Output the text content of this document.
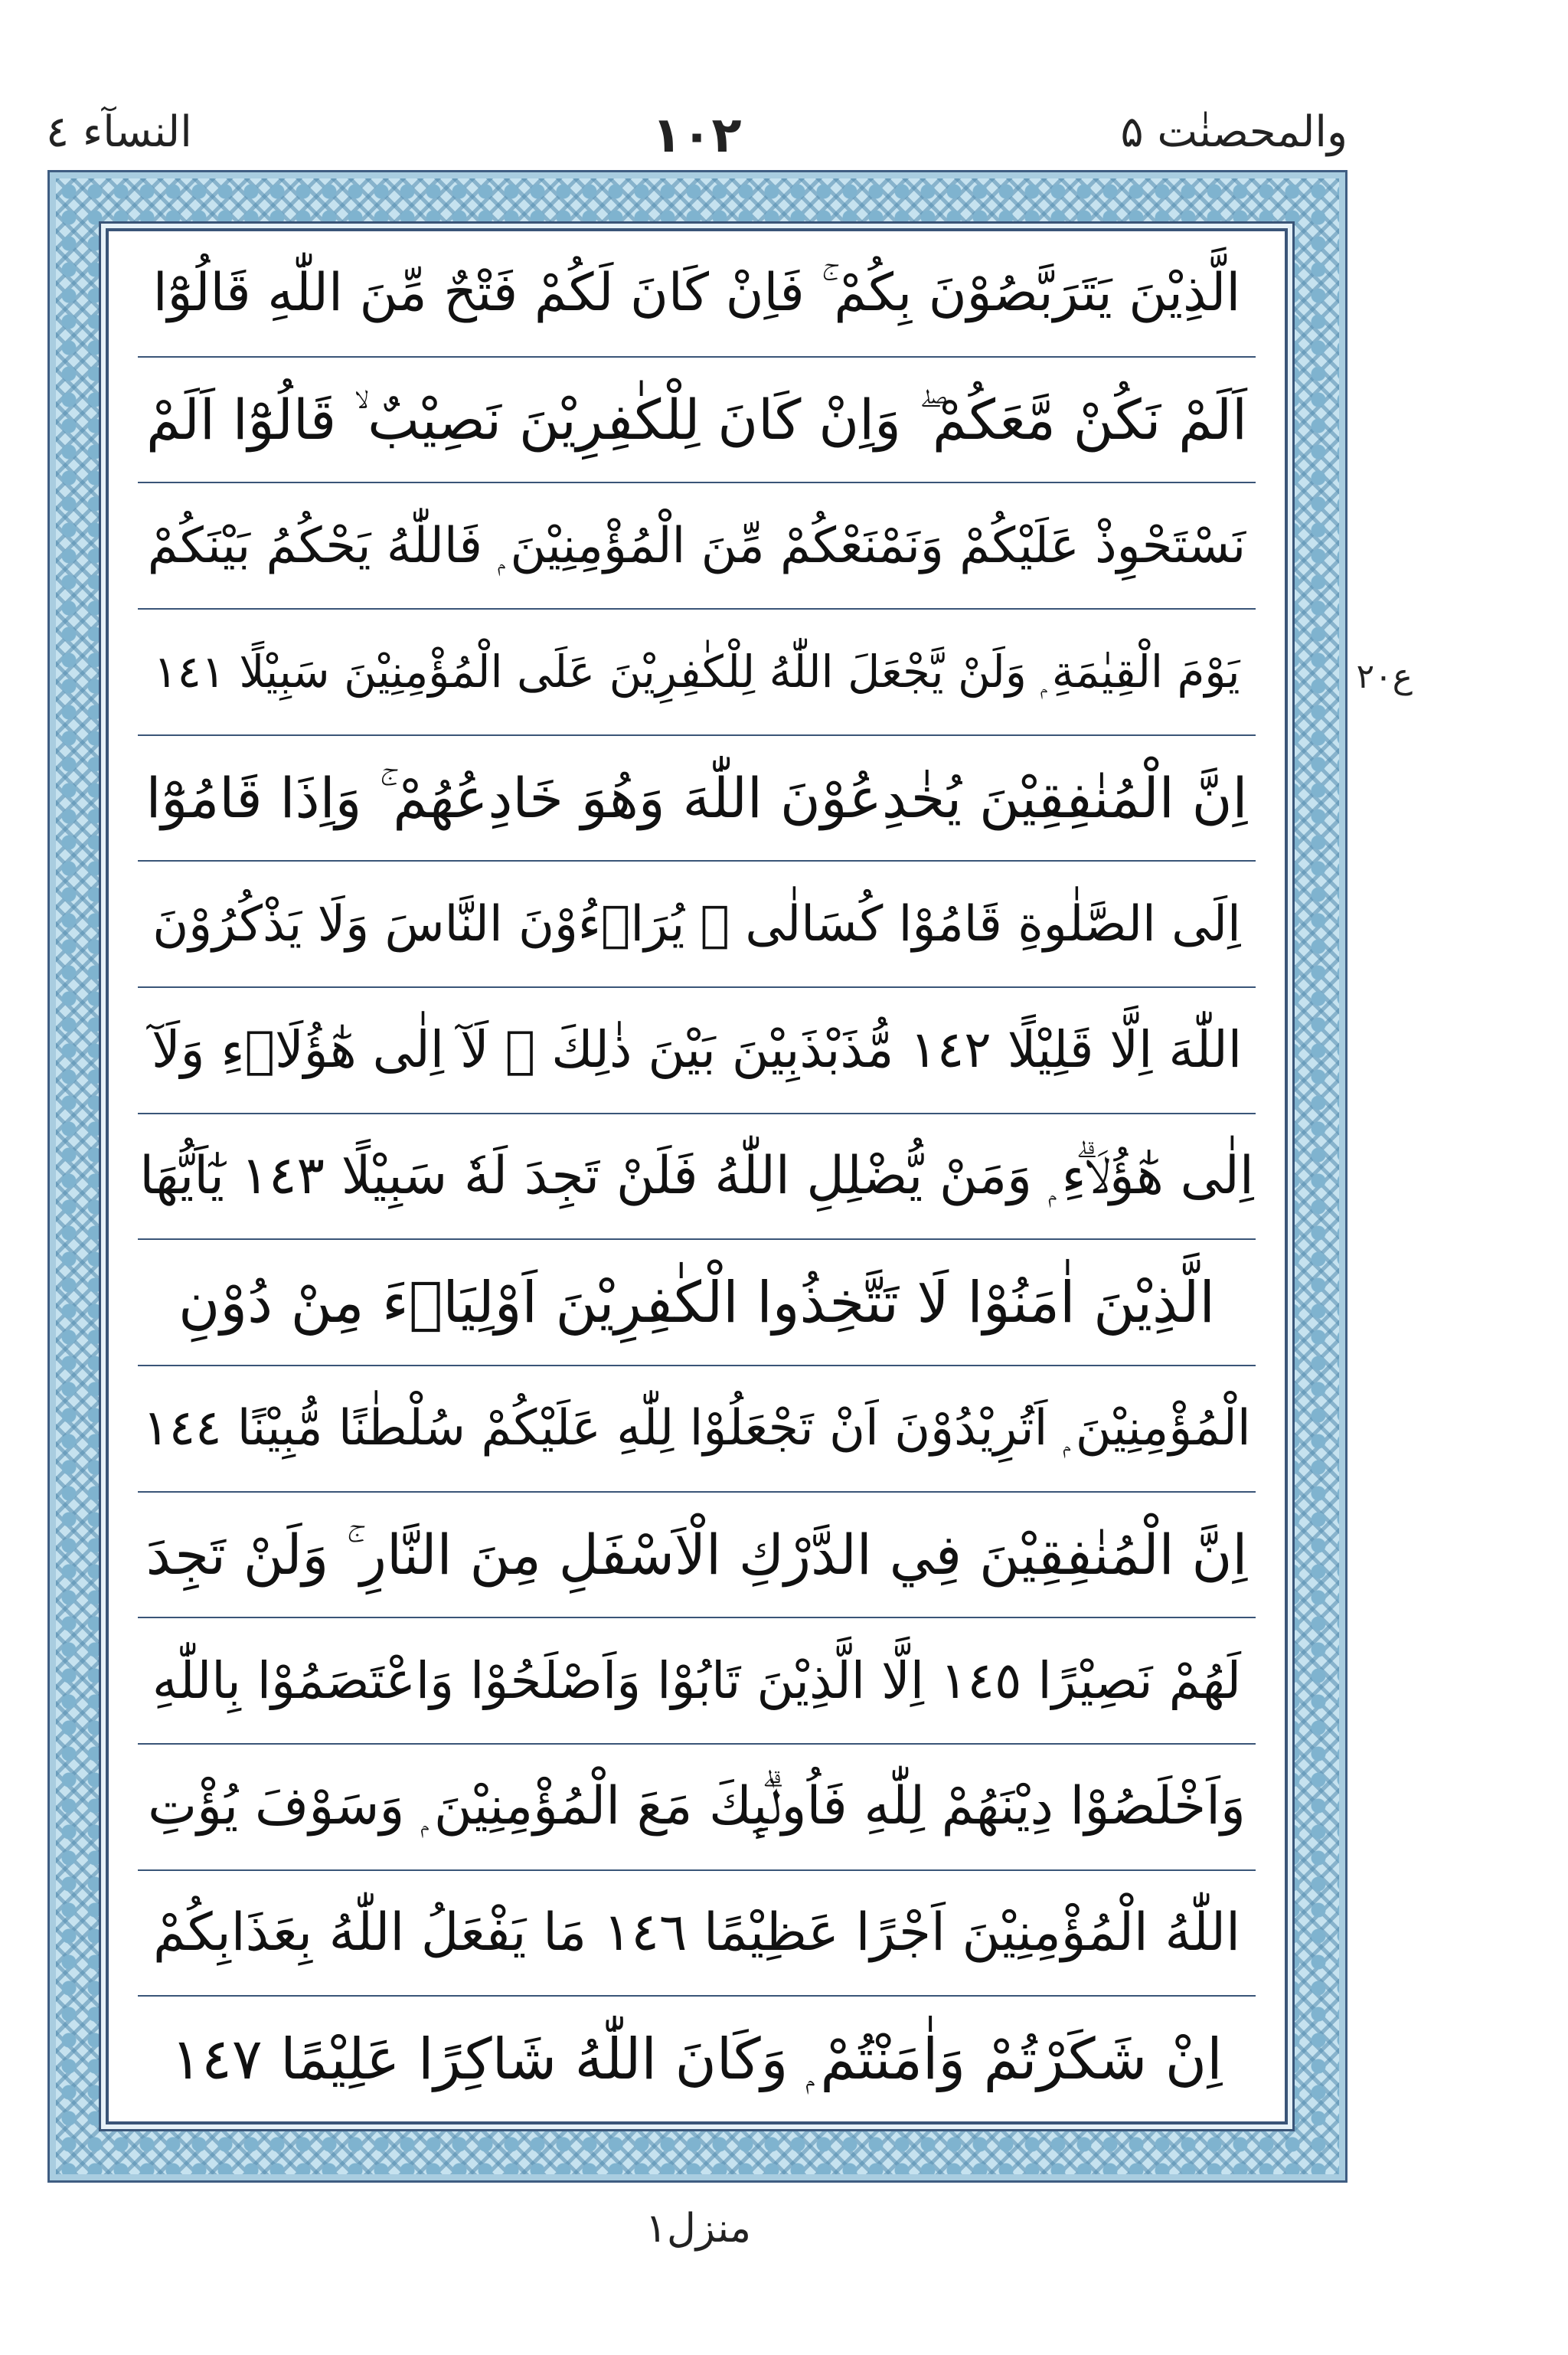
والمحصنٰت ۵
١٠٢
النسآء ٤
الَّذِيْنَ يَتَرَبَّصُوْنَ بِكُمْ ۚ فَاِنْ كَانَ لَكُمْ فَتْحٌ مِّنَ اللّٰهِ قَالُوْٓا
اَلَمْ نَكُنْ مَّعَكُمْ ۖ وَاِنْ كَانَ لِلْكٰفِرِيْنَ نَصِيْبٌ ۙ قَالُوْٓا اَلَمْ
نَسْتَحْوِذْ عَلَيْكُمْ وَنَمْنَعْكُمْ مِّنَ الْمُؤْمِنِيْنَ ۭ فَاللّٰهُ يَحْكُمُ بَيْنَكُمْ
يَوْمَ الْقِيٰمَةِ ۭ وَلَنْ يَّجْعَلَ اللّٰهُ لِلْكٰفِرِيْنَ عَلَى الْمُؤْمِنِيْنَ سَبِيْلًا ١٤١
اِنَّ الْمُنٰفِقِيْنَ يُخٰدِعُوْنَ اللّٰهَ وَهُوَ خَادِعُهُمْ ۚ وَاِذَا قَامُوْٓا
اِلَى الصَّلٰوةِ قَامُوْا كُسَالٰى ۙ يُرَاۗءُوْنَ النَّاسَ وَلَا يَذْكُرُوْنَ
اللّٰهَ اِلَّا قَلِيْلًا ١٤٢ مُّذَبْذَبِيْنَ بَيْنَ ذٰلِكَ ۤ لَآ اِلٰى هٰٓؤُلَاۗءِ وَلَآ
اِلٰى هٰٓؤُلَاۗءِ ۭ وَمَنْ يُّضْلِلِ اللّٰهُ فَلَنْ تَجِدَ لَهٗ سَبِيْلًا ١٤٣ يٰٓاَيُّهَا
الَّذِيْنَ اٰمَنُوْا لَا تَتَّخِذُوا الْكٰفِرِيْنَ اَوْلِيَاۗءَ مِنْ دُوْنِ
الْمُؤْمِنِيْنَ ۭ اَتُرِيْدُوْنَ اَنْ تَجْعَلُوْا لِلّٰهِ عَلَيْكُمْ سُلْطٰنًا مُّبِيْنًا ١٤٤
اِنَّ الْمُنٰفِقِيْنَ فِي الدَّرْكِ الْاَسْفَلِ مِنَ النَّارِ ۚ وَلَنْ تَجِدَ
لَهُمْ نَصِيْرًا ١٤٥ اِلَّا الَّذِيْنَ تَابُوْا وَاَصْلَحُوْا وَاعْتَصَمُوْا بِاللّٰهِ
وَاَخْلَصُوْا دِيْنَهُمْ لِلّٰهِ فَاُولٰۗىِٕكَ مَعَ الْمُؤْمِنِيْنَ ۭ وَسَوْفَ يُؤْتِ
اللّٰهُ الْمُؤْمِنِيْنَ اَجْرًا عَظِيْمًا ١٤٦ مَا يَفْعَلُ اللّٰهُ بِعَذَابِكُمْ
اِنْ شَكَرْتُمْ وَاٰمَنْتُمْ ۭ وَكَانَ اللّٰهُ شَاكِرًا عَلِيْمًا ١٤٧
ع٢٠
منزل١
